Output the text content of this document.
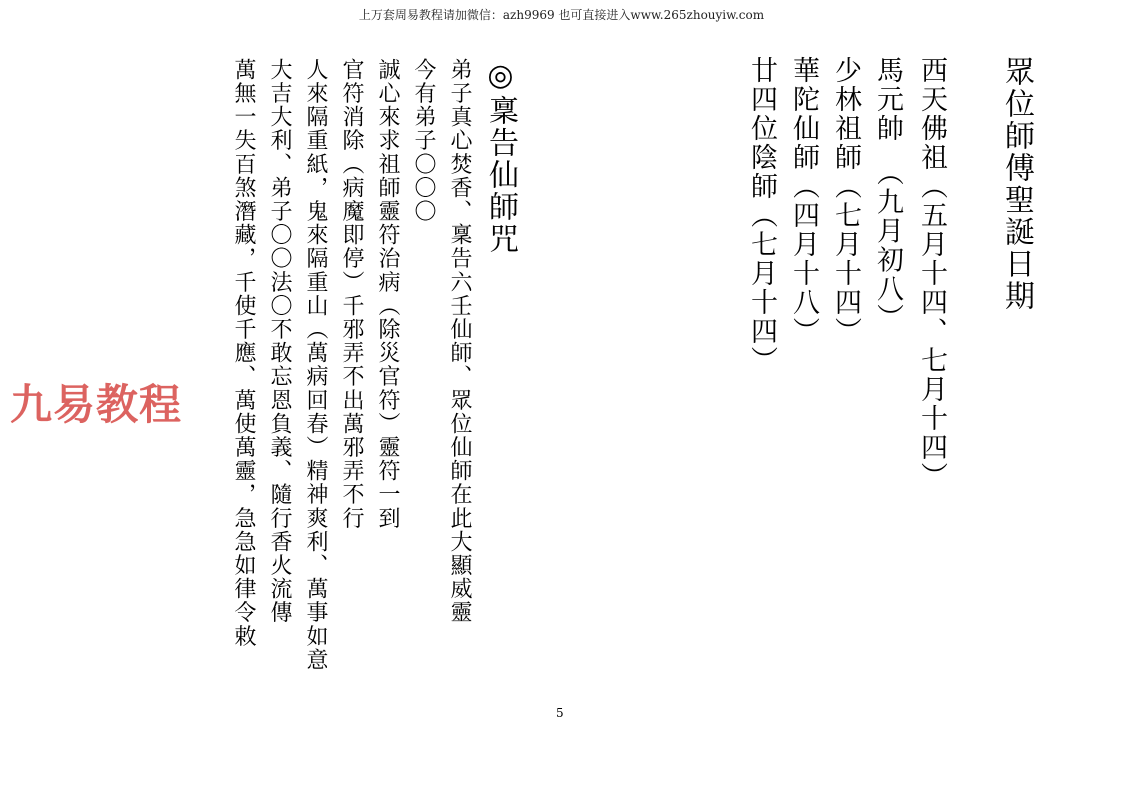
上万套周易教程请加微信：azh9969 也可直接进入www.265zhouyiw.com
眾位師傅聖誕日期
西天佛祖（五月十四、七月十四）
馬元帥　（九月初八）
少林祖師（七月十四）
華陀仙師（四月十八）
廿四位陰師（七月十四）
◎稟告仙師咒
弟子真心焚香、稟告六壬仙師、眾位仙師在此大顯威靈
今有弟子〇〇〇
誠心來求祖師靈符治病（除災官符）靈符一到
官符消除（病魔即停）千邪弄不出萬邪弄不行
人來隔重紙，鬼來隔重山（萬病回春）精神爽利、萬事如意
大吉大利、弟子〇〇法〇不敢忘恩負義、隨行香火流傳
萬無一失百煞潛藏，千使千應、萬使萬靈，急急如律令敕
九易教程
5
